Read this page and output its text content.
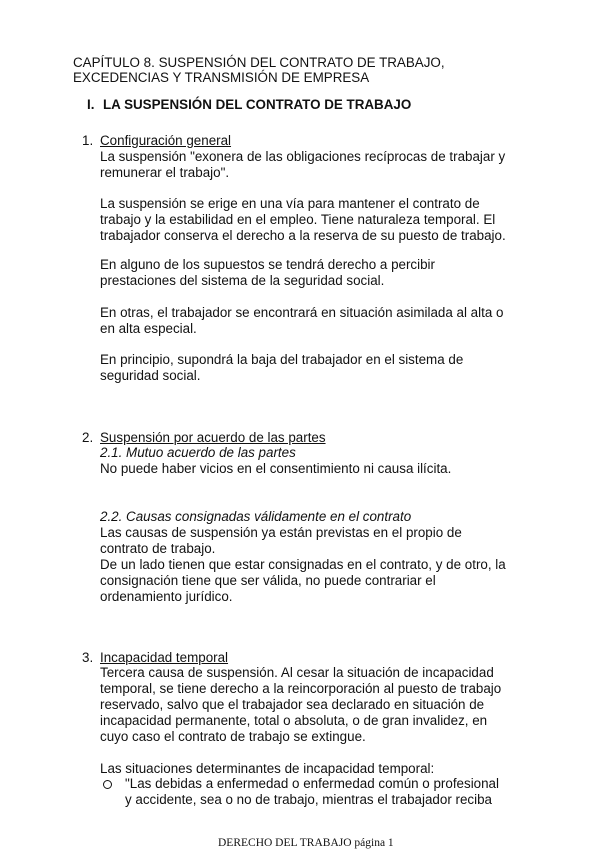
CAPÍTULO 8. SUSPENSIÓN DEL CONTRATO DE TRABAJO,
EXCEDENCIAS Y TRANSMISIÓN DE EMPRESA
I. LA SUSPENSIÓN DEL CONTRATO DE TRABAJO
1. Configuración general
La suspensión "exonera de las obligaciones recíprocas de trabajar y
remunerar el trabajo".
La suspensión se erige en una vía para mantener el contrato de
trabajo y la estabilidad en el empleo. Tiene naturaleza temporal. El
trabajador conserva el derecho a la reserva de su puesto de trabajo.
En alguno de los supuestos se tendrá derecho a percibir
prestaciones del sistema de la seguridad social.
En otras, el trabajador se encontrará en situación asimilada al alta o
en alta especial.
En principio, supondrá la baja del trabajador en el sistema de
seguridad social.
2. Suspensión por acuerdo de las partes
2.1. Mutuo acuerdo de las partes
No puede haber vicios en el consentimiento ni causa ilícita.
2.2. Causas consignadas válidamente en el contrato
Las causas de suspensión ya están previstas en el propio de
contrato de trabajo.
De un lado tienen que estar consignadas en el contrato, y de otro, la
consignación tiene que ser válida, no puede contrariar el
ordenamiento jurídico.
3. Incapacidad temporal
Tercera causa de suspensión. Al cesar la situación de incapacidad
temporal, se tiene derecho a la reincorporación al puesto de trabajo
reservado, salvo que el trabajador sea declarado en situación de
incapacidad permanente, total o absoluta, o de gran invalidez, en
cuyo caso el contrato de trabajo se extingue.
Las situaciones determinantes de incapacidad temporal:
"Las debidas a enfermedad o enfermedad común o profesional
y accidente, sea o no de trabajo, mientras el trabajador reciba
DERECHO DEL TRABAJO página 1
